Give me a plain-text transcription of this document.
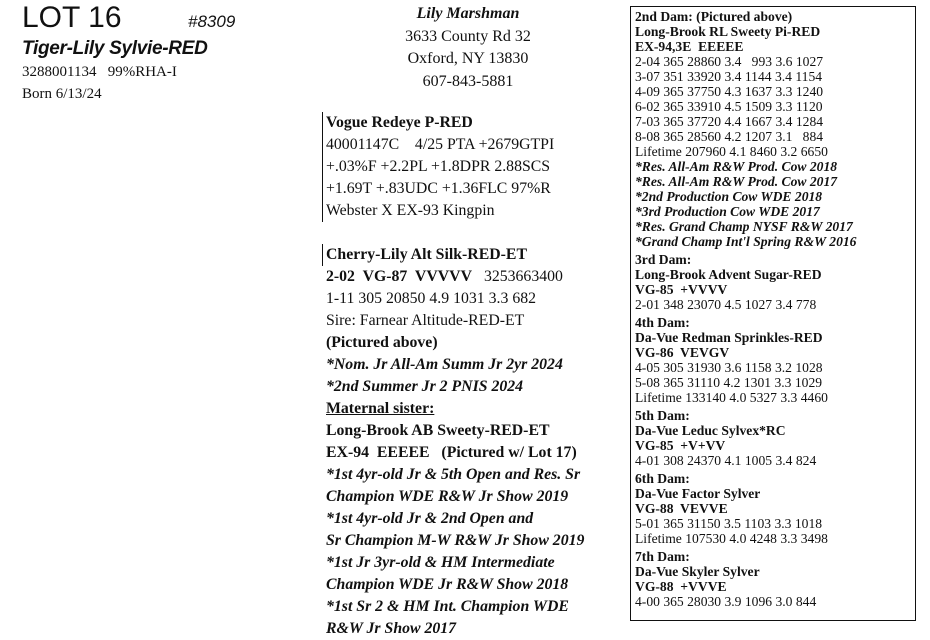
LOT 16	#8309
Tiger-Lily Sylvie-RED
3288001134   99%RHA-I
Born 6/13/24
Lily Marshman
3633 County Rd 32
Oxford, NY 13830
607-843-5881
Vogue Redeye P-RED
40001147C    4/25 PTA +2679GTPI
+.03%F +2.2PL +1.8DPR 2.88SCS
+1.69T +.83UDC +1.36FLC 97%R
Webster X EX-93 Kingpin
Cherry-Lily Alt Silk-RED-ET
2-02  VG-87  VVVVV 3253663400
1-11 305 20850 4.9 1031 3.3 682
Sire: Farnear Altitude-RED-ET
(Pictured above)
*Nom. Jr All-Am Summ Jr 2yr 2024
*2nd Summer Jr 2 PNIS 2024
Maternal sister:
Long-Brook AB Sweety-RED-ET
EX-94  EEEEE   (Pictured w/ Lot 17)
*1st 4yr-old Jr & 5th Open and Res. Sr
Champion WDE R&W Jr Show 2019
*1st 4yr-old Jr & 2nd Open and
Sr Champion M-W R&W Jr Show 2019
*1st Jr 3yr-old & HM Intermediate
Champion WDE Jr R&W Show 2018
*1st Sr 2 & HM Int. Champion WDE
R&W Jr Show 2017
2nd Dam: (Pictured above)
Long-Brook RL Sweety Pi-RED
EX-94,3E  EEEEE
2-04 365 28860 3.4   993 3.6 1027
3-07 351 33920 3.4 1144 3.4 1154
4-09 365 37750 4.3 1637 3.3 1240
6-02 365 33910 4.5 1509 3.3 1120
7-03 365 37720 4.4 1667 3.4 1284
8-08 365 28560 4.2 1207 3.1   884
Lifetime 207960 4.1 8460 3.2 6650
*Res. All-Am R&W Prod. Cow 2018
*Res. All-Am R&W Prod. Cow 2017
*2nd Production Cow WDE 2018
*3rd Production Cow WDE 2017
*Res. Grand Champ NYSF R&W 2017
*Grand Champ Int'l Spring R&W 2016
3rd Dam:
Long-Brook Advent Sugar-RED
VG-85  +VVVV
2-01 348 23070 4.5 1027 3.4 778
4th Dam:
Da-Vue Redman Sprinkles-RED
VG-86  VEVGV
4-05 305 31930 3.6 1158 3.2 1028
5-08 365 31110 4.2 1301 3.3 1029
Lifetime 133140 4.0 5327 3.3 4460
5th Dam:
Da-Vue Leduc Sylvex*RC
VG-85  +V+VV
4-01 308 24370 4.1 1005 3.4 824
6th Dam:
Da-Vue Factor Sylver
VG-88  VEVVE
5-01 365 31150 3.5 1103 3.3 1018
Lifetime 107530 4.0 4248 3.3 3498
7th Dam:
Da-Vue Skyler Sylver
VG-88  +VVVE
4-00 365 28030 3.9 1096 3.0 844
